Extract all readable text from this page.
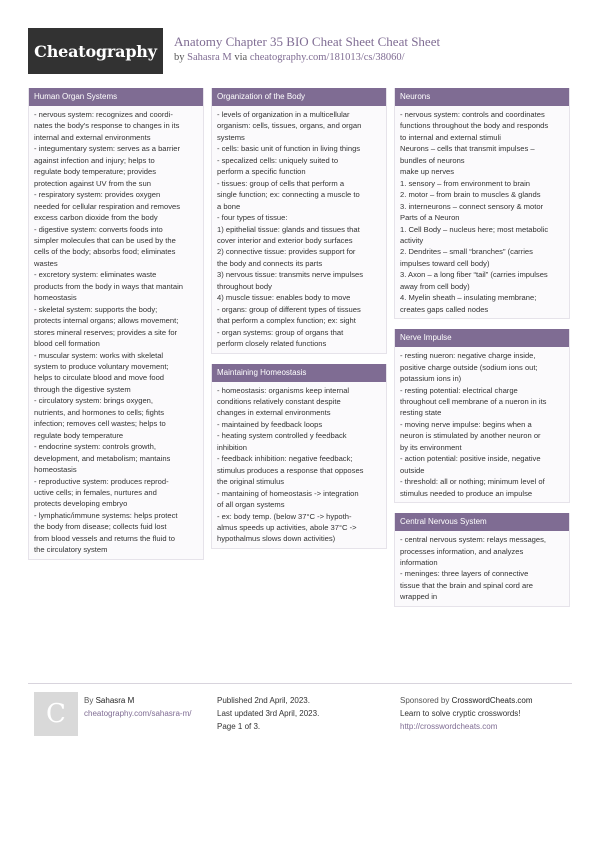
Cheatography Anatomy Chapter 35 BIO Cheat Sheet Cheat Sheet
by Sahasra M via cheatography.com/181013/cs/38060/
Human Organ Systems
- nervous system: recognizes and coordi-
nates the body's response to changes in its
internal and external environments
- integumentary system: serves as a barrier
against infection and injury; helps to
regulate body temperature; provides
protection against UV from the sun
- respiratory system: provides oxygen
needed for cellular respiration and removes
excess carbon dioxide from the body
- digestive system: converts foods into
simpler molecules that can be used by the
cells of the body; absorbs food; eliminates
wastes
- excretory system: eliminates waste
products from the body in ways that mantain
homeostasis
- skeletal system: supports the body;
protects internal organs; allows movement;
stores mineral reserves; provides a site for
blood cell formation
- muscular system: works with skeletal
system to produce voluntary movement;
helps to circulate blood and move food
through the digestive system
- circulatory system: brings oxygen,
nutrients, and hormones to cells; fights
infection; removes cell wastes; helps to
regulate body temperature
- endocrine system: controls growth,
development, and metabolism; mantains
homeostasis
- reproductive system: produces reprod-
uctive cells; in females, nurtures and
protects developing embryo
- lymphatic/immune systems: helps protect
the body from disease; collects fuid lost
from blood vessels and returns the fluid to
the circulatory system
Organization of the Body
- levels of organization in a multicellular
organism: cells, tissues, organs, and organ
systems
- cells: basic unit of function in living things
- specalized cells: uniquely suited to
perform a specific function
- tissues: group of cells that perform a
single function; ex: connecting a muscle to
a bone
- four types of tissue:
1) epithelial tissue: glands and tissues that
cover interior and exterior body surfaces
2) connective tissue: provides support for
the body and connects its parts
3) nervous tissue: transmits nerve impulses
throughout body
4) muscle tissue: enables body to move
- organs: group of different types of tissues
that perform a complex function; ex: sight
- organ systems: group of organs that
perform closely related functions
Maintaining Homeostasis
- homeostasis: organisms keep internal
conditions relatively constant despite
changes in external environments
- maintained by feedback loops
- heating system controlled y feedback
inhibition
- feedback inhibition: negative feedback;
stimulus produces a response that opposes
the original stimulus
- mantaining of homeostasis -> integration
of all organ systems
- ex: body temp. (below 37°C -> hypoth-
almus speeds up activities, abole 37°C ->
hypothalmus slows down activities)
Neurons
- nervous system: controls and coordinates
functions throughout the body and responds
to internal and external stimuli
Neurons – cells that transmit impulses –
bundles of neurons
make up nerves
1. sensory – from environment to brain
2. motor – from brain to muscles & glands
3. interneurons – connect sensory & motor
Parts of a Neuron
1. Cell Body – nucleus here; most metabolic
activity
2. Dendrites – small “branches” (carries
impulses toward cell body)
3. Axon – a long fiber “tail” (carries impulses
away from cell body)
4. Myelin sheath – insulating membrane;
creates gaps called nodes
Nerve Impulse
- resting nueron: negative charge inside,
positive charge outside (sodium ions out;
potassium ions in)
- resting potential: electrical charge
throughout cell membrane of a nueron in its
resting state
- moving nerve impulse: begins when a
neuron is stimulated by another neuron or
by its environment
- action potential: positive inside, negative
outside
- threshold: all or nothing; minimum level of
stimulus needed to produce an impulse
Central Nervous System
- central nervous system: relays messages,
processes information, and analyzes
information
- meninges: three layers of connective
tissue that the brain and spinal cord are
wrapped in
C By Sahasra M
cheatography.com/sahasra-m/
Published 2nd April, 2023.
Last updated 3rd April, 2023.
Page 1 of 3.
Sponsored by CrosswordCheats.com
Learn to solve cryptic crosswords!
http://crosswordcheats.com
